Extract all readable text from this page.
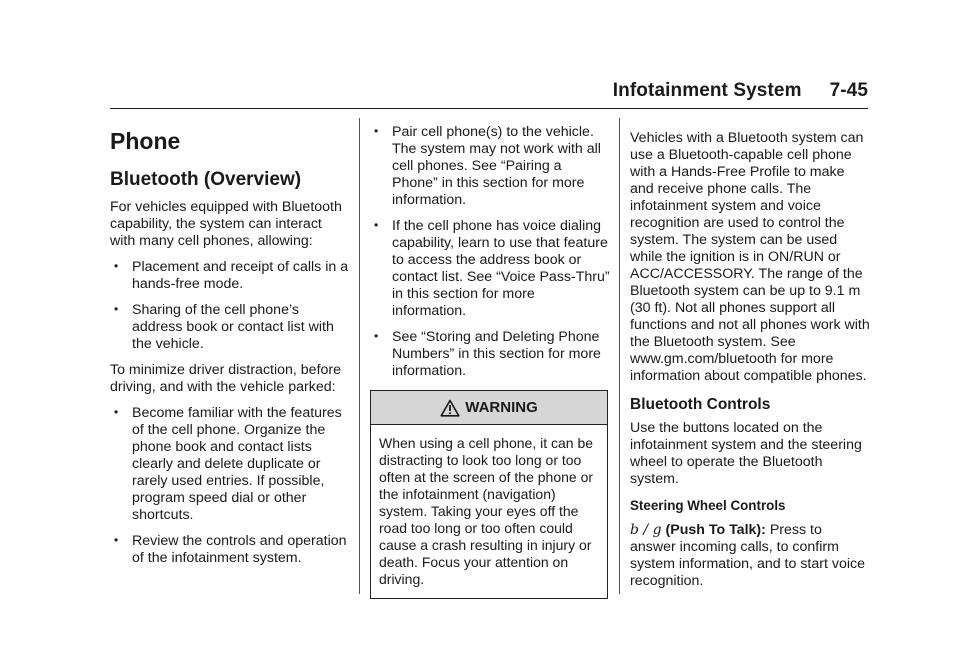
Infotainment System 7-45
Phone
Bluetooth (Overview)

For vehicles equipped with Bluetooth capability, the system can interact with many cell phones, allowing:

• Placement and receipt of calls in a hands-free mode.
• Sharing of the cell phone’s address book or contact list with the vehicle.

To minimize driver distraction, before driving, and with the vehicle parked:

• Become familiar with the features of the cell phone. Organize the phone book and contact lists clearly and delete duplicate or rarely used entries. If possible, program speed dial or other shortcuts.
• Review the controls and operation of the infotainment system.
• Pair cell phone(s) to the vehicle. The system may not work with all cell phones. See “Pairing a Phone” in this section for more information.
• If the cell phone has voice dialing capability, learn to use that feature to access the address book or contact list. See “Voice Pass-Thru” in this section for more information.
• See “Storing and Deleting Phone Numbers” in this section for more information.
WARNING
When using a cell phone, it can be distracting to look too long or too often at the screen of the phone or the infotainment (navigation) system. Taking your eyes off the road too long or too often could cause a crash resulting in injury or death. Focus your attention on driving.

Vehicles with a Bluetooth system can use a Bluetooth-capable cell phone with a Hands-Free Profile to make and receive phone calls. The infotainment system and voice recognition are used to control the system. The system can be used while the ignition is in ON/RUN or ACC/ACCESSORY. The range of the Bluetooth system can be up to 9.1 m (30 ft). Not all phones support all functions and not all phones work with the Bluetooth system. See www.gm.com/bluetooth for more information about compatible phones.

Bluetooth Controls

Use the buttons located on the infotainment system and the steering wheel to operate the Bluetooth system.

Steering Wheel Controls

b / g (Push To Talk): Press to answer incoming calls, to confirm system information, and to start voice recognition.
